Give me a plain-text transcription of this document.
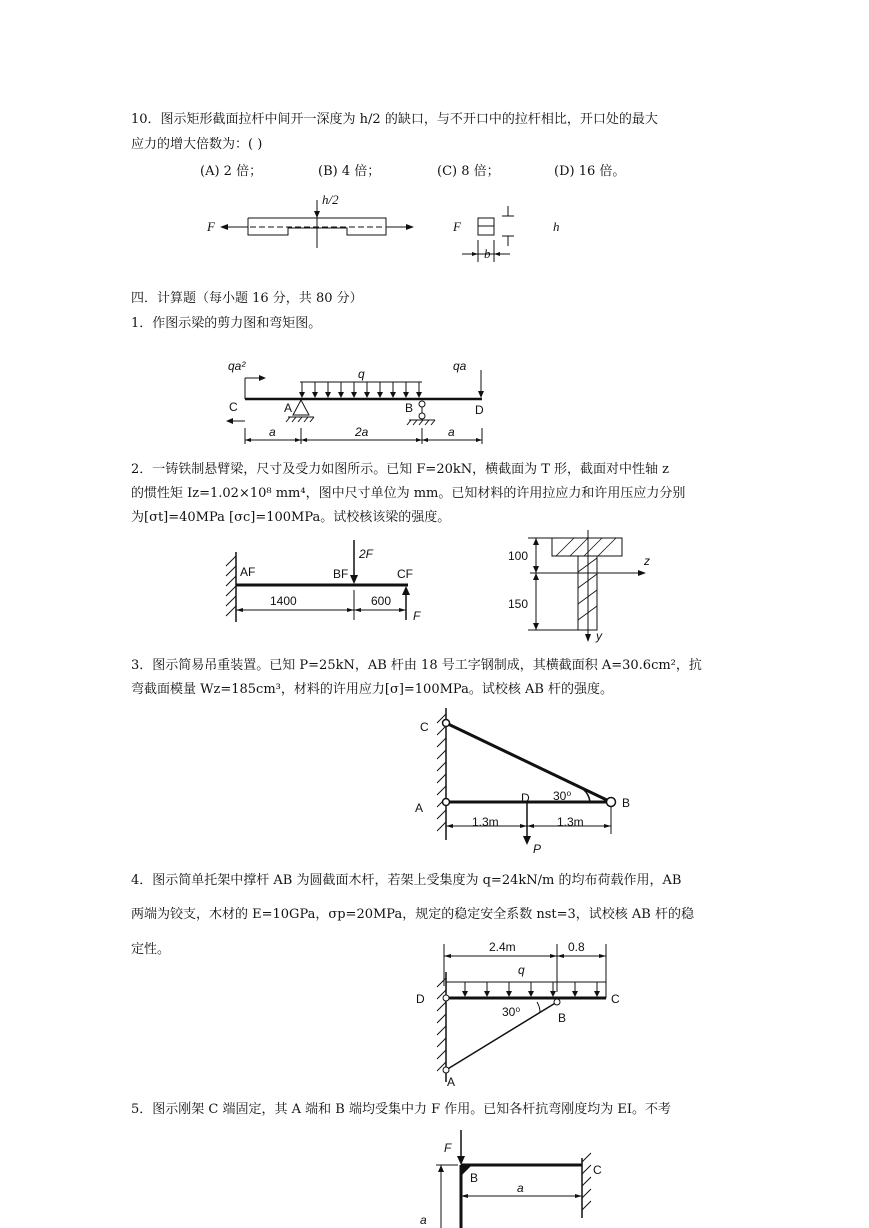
10．图示矩形截面拉杆中间开一深度为 h/2 的缺口，与不开口中的拉杆相比，开口处的最大
应力的增大倍数为：( )
(A) 2 倍；	(B) 4 倍；	(C) 8 倍；	(D) 16 倍。
h/2
F	F
b
h
四．计算题（每小题 16 分，共 80 分）
1．作图示梁的剪力图和弯矩图。
qa²
q
qa
C	A	B	D
a	2a	a
2．一铸铁制悬臂梁，尺寸及受力如图所示。已知 F=20kN，横截面为 T 形，截面对中性轴 z
的惯性矩 Iz=1.02×10⁸ mm⁴，图中尺寸单位为 mm。已知材料的许用拉应力和许用压应力分别
为[σt]=40MPa [σc]=100MPa。试校核该梁的强度。
AF	BF	CF
2F
F
1400	600
100
150
z
y
3．图示简易吊重装置。已知 P=25kN，AB 杆由 18 号工字钢制成，其横截面积 A=30.6cm²，抗
弯截面模量 Wz=185cm³，材料的许用应力[σ]=100MPa。试校核 AB 杆的强度。
C
A
D	B
30⁰
1.3m	1.3m
P
4．图示简单托架中撑杆 AB 为圆截面木杆，若架上受集度为 q=24kN/m 的均布荷载作用，AB
两端为铰支，木材的 E=10GPa，σp=20MPa，规定的稳定安全系数 nst=3，试校核 AB 杆的稳
定性。	2.4m	0.8
q
D	C
B
A
30⁰
5．图示刚架 C 端固定，其 A 端和 B 端均受集中力 F 作用。已知各杆抗弯刚度均为 EI。不考
F
B
C
a
a
